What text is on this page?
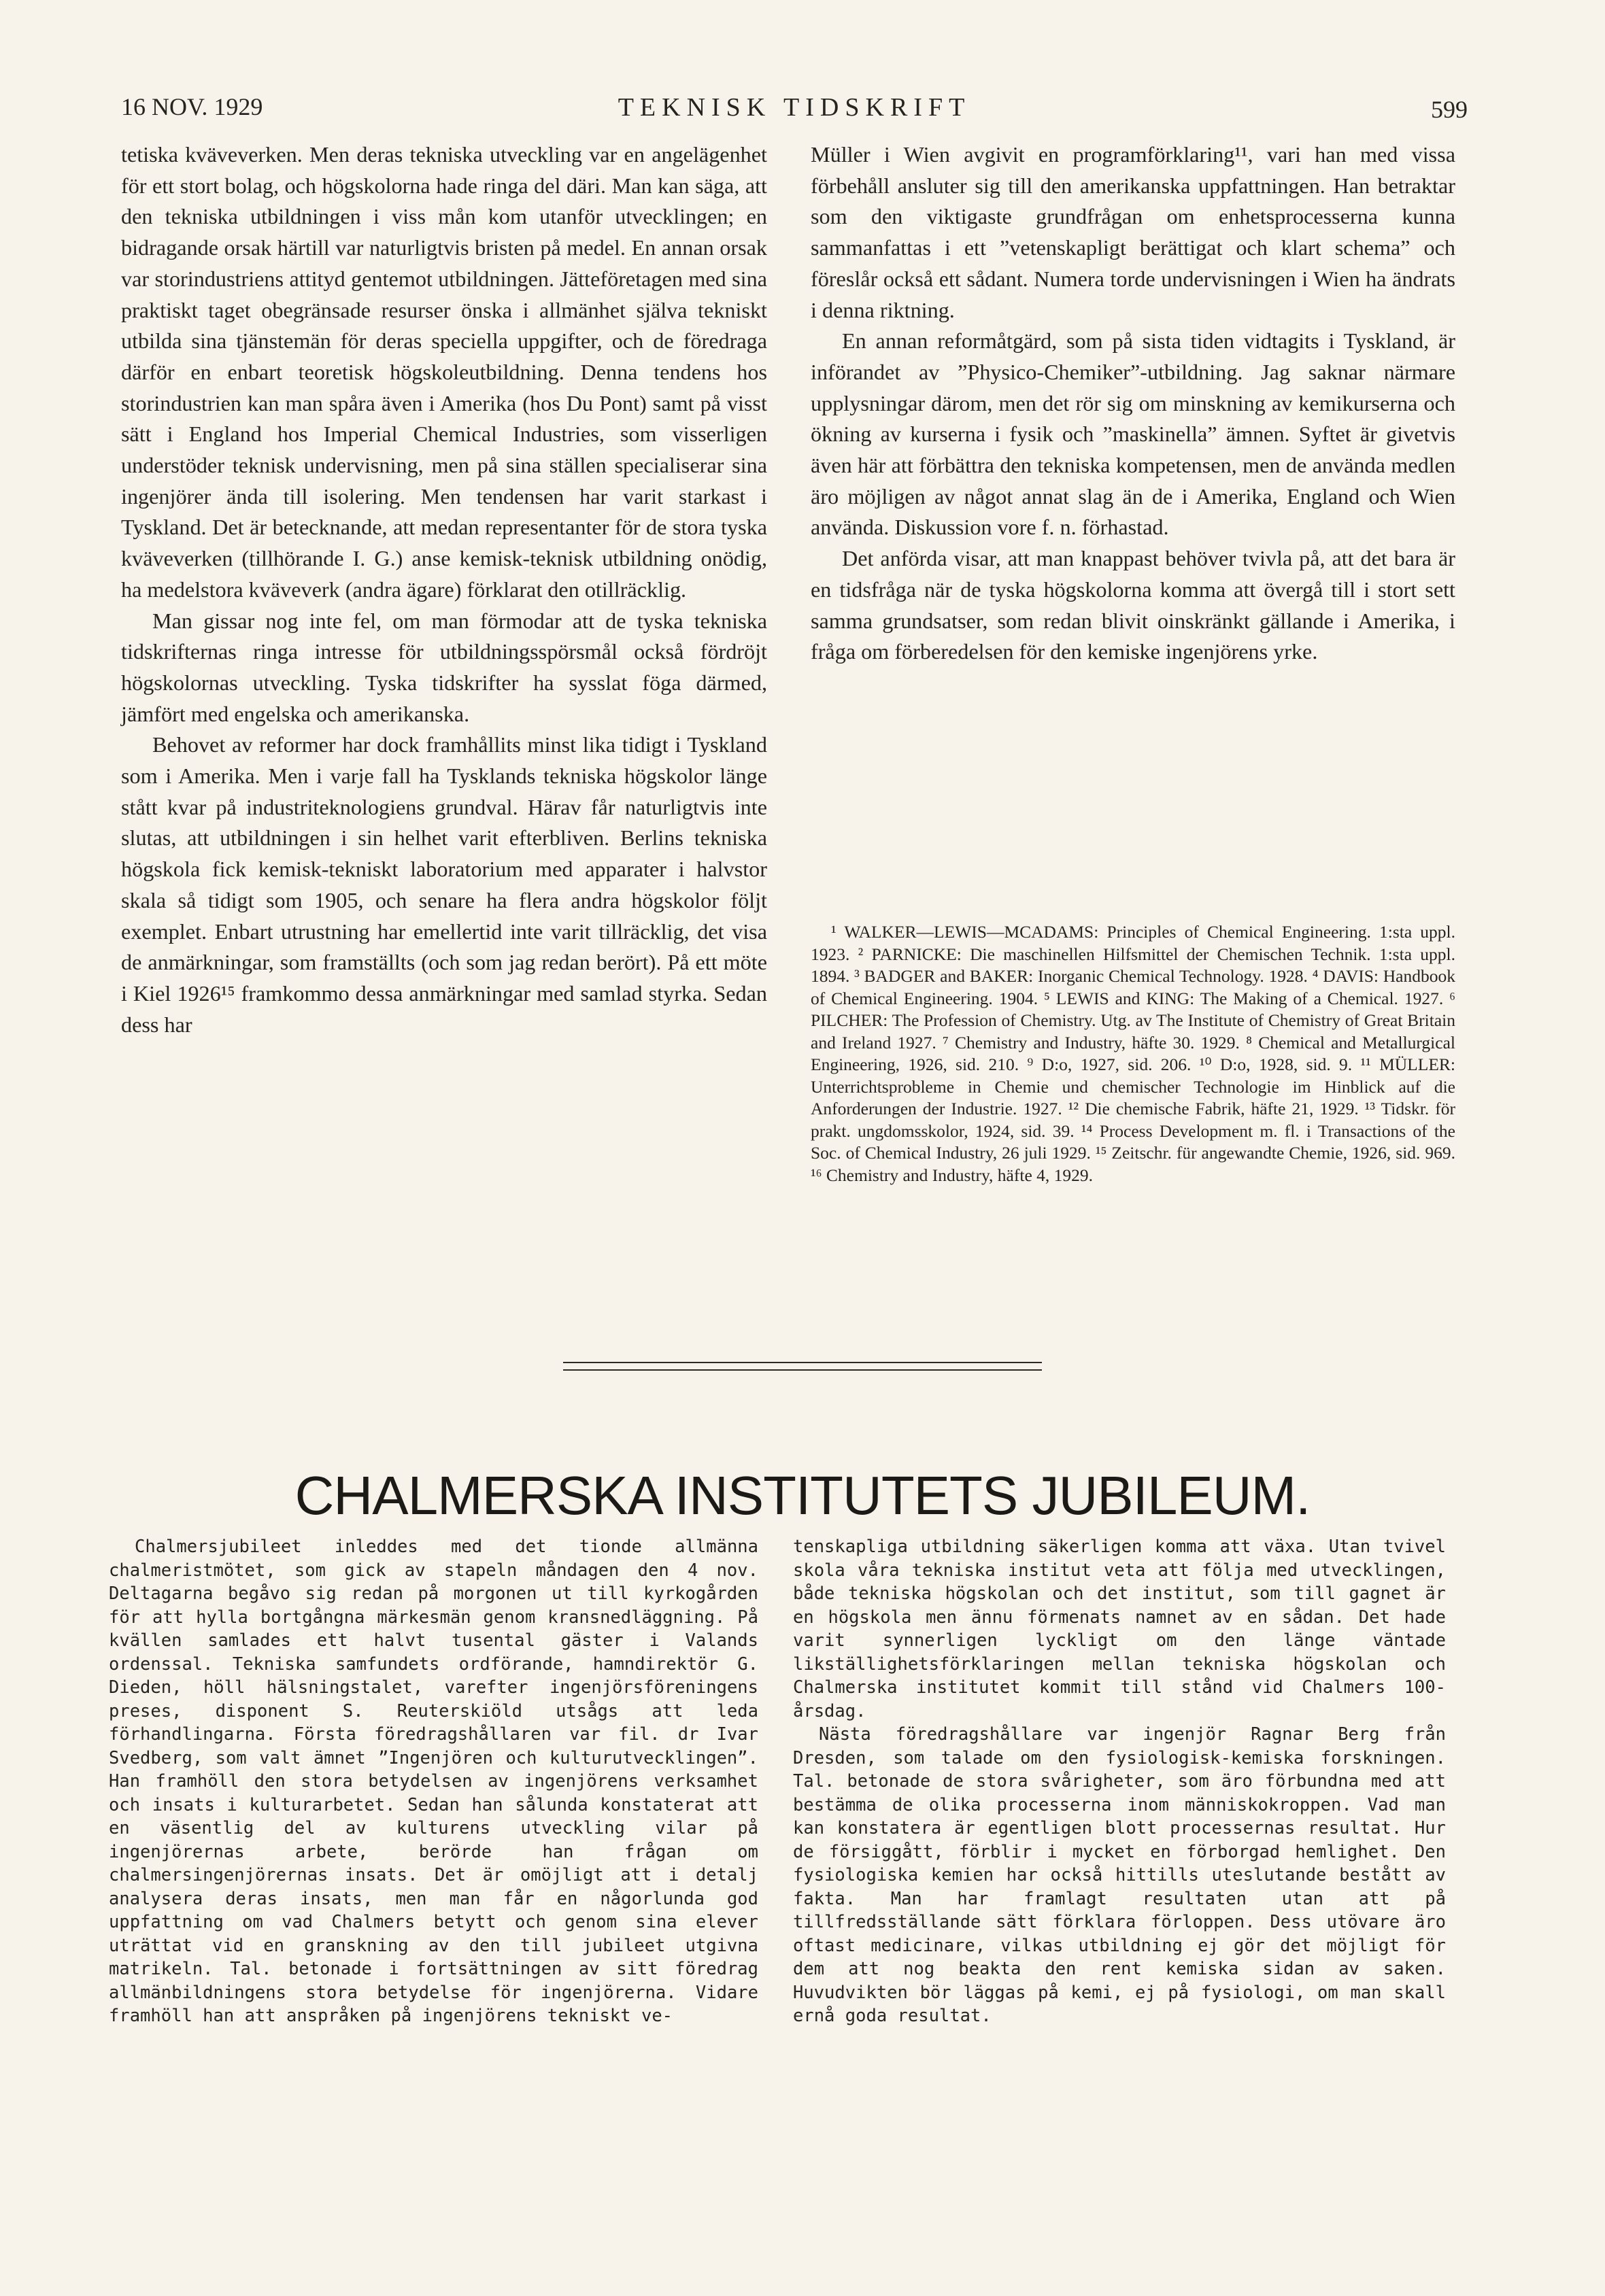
16 NOV. 1929	TEKNISK TIDSKRIFT	599

tetiska kväveverken. Men deras tekniska utveckling var en angelägenhet för ett stort bolag, och högskolorna hade ringa del däri. Man kan säga, att den tekniska utbildningen i viss mån kom utanför utvecklingen; en bidragande orsak härtill var naturligtvis bristen på medel. En annan orsak var storindustriens attityd gentemot utbildningen. Jätteföretagen med sina praktiskt taget obegränsade resurser önska i allmänhet själva tekniskt utbilda sina tjänstemän för deras speciella uppgifter, och de föredraga därför en enbart teoretisk högskoleutbildning. Denna tendens hos storindustrien kan man spåra även i Amerika (hos Du Pont) samt på visst sätt i England hos Imperial Chemical Industries, som visserligen understöder teknisk undervisning, men på sina ställen specialiserar sina ingenjörer ända till isolering. Men tendensen har varit starkast i Tyskland. Det är betecknande, att medan representanter för de stora tyska kväveverken (tillhörande I. G.) anse kemisk-teknisk utbildning onödig, ha medelstora kväveverk (andra ägare) förklarat den otillräcklig.

Man gissar nog inte fel, om man förmodar att de tyska tekniska tidskrifternas ringa intresse för utbildningsspörsmål också fördröjt högskolornas utveckling. Tyska tidskrifter ha sysslat föga därmed, jämfört med engelska och amerikanska.

Behovet av reformer har dock framhållits minst lika tidigt i Tyskland som i Amerika. Men i varje fall ha Tysklands tekniska högskolor länge stått kvar på industriteknologiens grundval. Härav får naturligtvis inte slutas, att utbildningen i sin helhet varit efterbliven. Berlins tekniska högskola fick kemisk-tekniskt laboratorium med apparater i halvstor skala så tidigt som 1905, och senare ha flera andra högskolor följt exemplet. Enbart utrustning har emellertid inte varit tillräcklig, det visa de anmärkningar, som framställts (och som jag redan berört). På ett möte i Kiel 1926¹⁵ framkommo dessa anmärkningar med samlad styrka. Sedan dess har

Müller i Wien avgivit en programförklaring¹¹, vari han med vissa förbehåll ansluter sig till den amerikanska uppfattningen. Han betraktar som den viktigaste grundfrågan om enhetsprocesserna kunna sammanfattas i ett ”vetenskapligt berättigat och klart schema” och föreslår också ett sådant. Numera torde undervisningen i Wien ha ändrats i denna riktning.

En annan reformåtgärd, som på sista tiden vidtagits i Tyskland, är införandet av ”Physico-Chemiker”-utbildning. Jag saknar närmare upplysningar därom, men det rör sig om minskning av kemikurserna och ökning av kurserna i fysik och ”maskinella” ämnen. Syftet är givetvis även här att förbättra den tekniska kompetensen, men de använda medlen äro möjligen av något annat slag än de i Amerika, England och Wien använda. Diskussion vore f. n. förhastad.

Det anförda visar, att man knappast behöver tvivla på, att det bara är en tidsfråga när de tyska högskolorna komma att övergå till i stort sett samma grundsatser, som redan blivit oinskränkt gällande i Amerika, i fråga om förberedelsen för den kemiske ingenjörens yrke.

¹ WALKER—LEWIS—MCADAMS: Principles of Chemical Engineering. 1:sta uppl. 1923. ² PARNICKE: Die maschinellen Hilfsmittel der Chemischen Technik. 1:sta uppl. 1894. ³ BADGER and BAKER: Inorganic Chemical Technology. 1928. ⁴ DAVIS: Handbook of Chemical Engineering. 1904. ⁵ LEWIS and KING: The Making of a Chemical. 1927. ⁶ PILCHER: The Profession of Chemistry. Utg. av The Institute of Chemistry of Great Britain and Ireland 1927. ⁷ Chemistry and Industry, häfte 30. 1929. ⁸ Chemical and Metallurgical Engineering, 1926, sid. 210. ⁹ D:o, 1927, sid. 206. ¹⁰ D:o, 1928, sid. 9. ¹¹ MÜLLER: Unterrichtsprobleme in Chemie und chemischer Technologie im Hinblick auf die Anforderungen der Industrie. 1927. ¹² Die chemische Fabrik, häfte 21, 1929. ¹³ Tidskr. för prakt. ungdomsskolor, 1924, sid. 39. ¹⁴ Process Development m. fl. i Transactions of the Soc. of Chemical Industry, 26 juli 1929. ¹⁵ Zeitschr. für angewandte Chemie, 1926, sid. 969. ¹⁶ Chemistry and Industry, häfte 4, 1929.

CHALMERSKA INSTITUTETS JUBILEUM.

Chalmersjubileet inleddes med det tionde allmänna chalmeristmötet, som gick av stapeln måndagen den 4 nov. Deltagarna begåvo sig redan på morgonen ut till kyrkogården för att hylla bortgångna märkesmän genom kransnedläggning. På kvällen samlades ett halvt tusental gäster i Valands ordenssal. Tekniska samfundets ordförande, hamndirektör G. Dieden, höll hälsningstalet, varefter ingenjörsföreningens preses, disponent S. Reuterskiöld utsågs att leda förhandlingarna. Första föredragshållaren var fil. dr Ivar Svedberg, som valt ämnet ”Ingenjören och kulturutvecklingen”. Han framhöll den stora betydelsen av ingenjörens verksamhet och insats i kulturarbetet. Sedan han sålunda konstaterat att en väsentlig del av kulturens utveckling vilar på ingenjörernas arbete, berörde han frågan om chalmersingenjörernas insats. Det är omöjligt att i detalj analysera deras insats, men man får en någorlunda god uppfattning om vad Chalmers betytt och genom sina elever uträttat vid en granskning av den till jubileet utgivna matrikeln. Tal. betonade i fortsättningen av sitt föredrag allmänbildningens stora betydelse för ingenjörerna. Vidare framhöll han att anspråken på ingenjörens tekniskt ve-

tenskapliga utbildning säkerligen komma att växa. Utan tvivel skola våra tekniska institut veta att följa med utvecklingen, både tekniska högskolan och det institut, som till gagnet är en högskola men ännu förmenats namnet av en sådan. Det hade varit synnerligen lyckligt om den länge väntade likställighetsförklaringen mellan tekniska högskolan och Chalmerska institutet kommit till stånd vid Chalmers 100-årsdag.

Nästa föredragshållare var ingenjör Ragnar Berg från Dresden, som talade om den fysiologisk-kemiska forskningen. Tal. betonade de stora svårigheter, som äro förbundna med att bestämma de olika processerna inom människokroppen. Vad man kan konstatera är egentligen blott processernas resultat. Hur de försiggått, förblir i mycket en förborgad hemlighet. Den fysiologiska kemien har också hittills uteslutande bestått av fakta. Man har framlagt resultaten utan att på tillfredsställande sätt förklara förloppen. Dess utövare äro oftast medicinare, vilkas utbildning ej gör det möjligt för dem att nog beakta den rent kemiska sidan av saken. Huvudvikten bör läggas på kemi, ej på fysiologi, om man skall ernå goda resultat.
